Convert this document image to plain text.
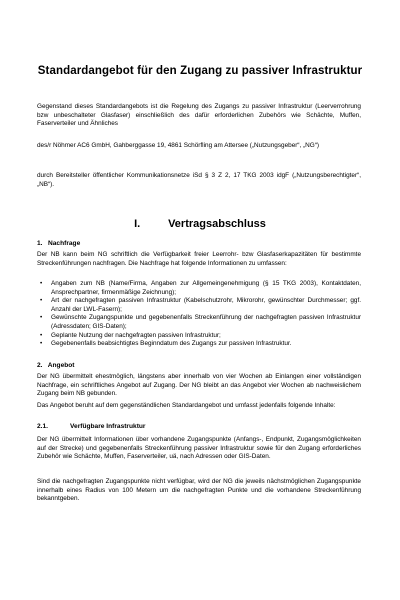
Standardangebot für den Zugang zu passiver Infrastruktur
Gegenstand dieses Standardangebots ist die Regelung des Zugangs zu passiver Infrastruktur (Leerverrohrung bzw unbeschalteter Glasfaser) einschließlich des dafür erforderlichen Zubehörs wie Schächte, Muffen, Faserverteiler und Ähnliches
des/r Nöhmer AC6 GmbH, Gahberggasse 19, 4861 Schörfling am Attersee („Nutzungsgeber“, „NG“)
durch Bereitsteller öffentlicher Kommunikationsnetze iSd § 3 Z 2, 17 TKG 2003 idgF („Nutzungsberechtigter“, „NB“).
I.	Vertragsabschluss
1.   Nachfrage
Der NB kann beim NG schriftlich die Verfügbarkeit freier Leerrohr- bzw Glasfaserkapazitäten für bestimmte Streckenführungen nachfragen. Die Nachfrage hat folgende Informationen zu umfassen:
• Angaben zum NB (Name/Firma, Angaben zur Allgemeingenehmigung (§ 15 TKG 2003), Kontaktdaten, Ansprechpartner, firmenmäßige Zeichnung);
• Art der nachgefragten passiven Infrastruktur (Kabelschutzrohr, Mikrorohr, gewünschter Durchmesser; ggf. Anzahl der LWL-Fasern);
• Gewünschte Zugangspunkte und gegebenenfalls Streckenführung der nachgefragten passiven Infrastruktur (Adressdaten; GIS-Daten);
• Geplante Nutzung der nachgefragten passiven Infrastruktur;
• Gegebenenfalls beabsichtigtes Beginndatum des Zugangs zur passiven Infrastruktur.
2.   Angebot
Der NG übermittelt ehestmöglich, längstens aber innerhalb von vier Wochen ab Einlangen einer vollständigen Nachfrage, ein schriftliches Angebot auf Zugang. Der NG bleibt an das Angebot vier Wochen ab nachweislichem Zugang beim NB gebunden.
Das Angebot beruht auf dem gegenständlichen Standardangebot und umfasst jedenfalls folgende Inhalte:
2.1.	Verfügbare Infrastruktur
Der NG übermittelt Informationen über vorhandene Zugangspunkte (Anfangs-, Endpunkt, Zugangsmöglichkeiten auf der Strecke) und gegebenenfalls Streckenführung passiver Infrastruktur sowie für den Zugang erforderliches Zubehör wie Schächte, Muffen, Faserverteiler, uä, nach Adressen oder GIS-Daten.
Sind die nachgefragten Zugangspunkte nicht verfügbar, wird der NG die jeweils nächstmöglichen Zugangspunkte innerhalb eines Radius von 100 Metern um die nachgefragten Punkte und die vorhandene Streckenführung bekanntgeben.
